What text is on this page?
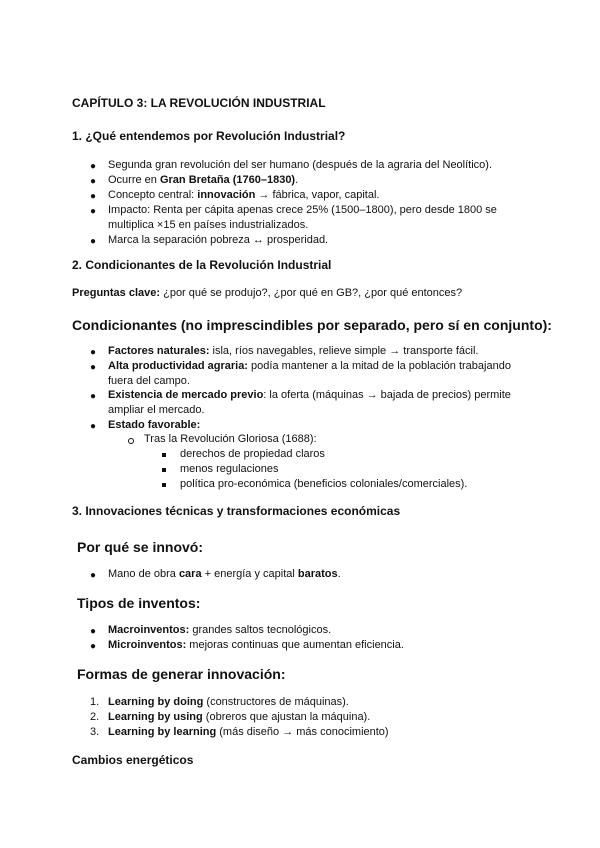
CAPÍTULO 3: LA REVOLUCIÓN INDUSTRIAL
1. ¿Qué entendemos por Revolución Industrial?
● Segunda gran revolución del ser humano (después de la agraria del Neolítico).
● Ocurre en Gran Bretaña (1760–1830).
● Concepto central: innovación → fábrica, vapor, capital.
● Impacto: Renta per cápita apenas crece 25% (1500–1800), pero desde 1800 se
multiplica ×15 en países industrializados.
● Marca la separación pobreza ↔ prosperidad.
2. Condicionantes de la Revolución Industrial
Preguntas clave: ¿por qué se produjo?, ¿por qué en GB?, ¿por qué entonces?
Condicionantes (no imprescindibles por separado, pero sí en conjunto):
● Factores naturales: isla, ríos navegables, relieve simple → transporte fácil.
● Alta productividad agraria: podía mantener a la mitad de la población trabajando
fuera del campo.
● Existencia de mercado previo: la oferta (máquinas → bajada de precios) permite
ampliar el mercado.
● Estado favorable:
Tras la Revolución Gloriosa (1688):
derechos de propiedad claros
menos regulaciones
política pro-económica (beneficios coloniales/comerciales).
3. Innovaciones técnicas y transformaciones económicas
Por qué se innovó:
● Mano de obra cara + energía y capital baratos.
Tipos de inventos:
● Macroinventos: grandes saltos tecnológicos.
● Microinventos: mejoras continuas que aumentan eficiencia.
Formas de generar innovación:
1. Learning by doing (constructores de máquinas).
2. Learning by using (obreros que ajustan la máquina).
3. Learning by learning (más diseño → más conocimiento)
Cambios energéticos
